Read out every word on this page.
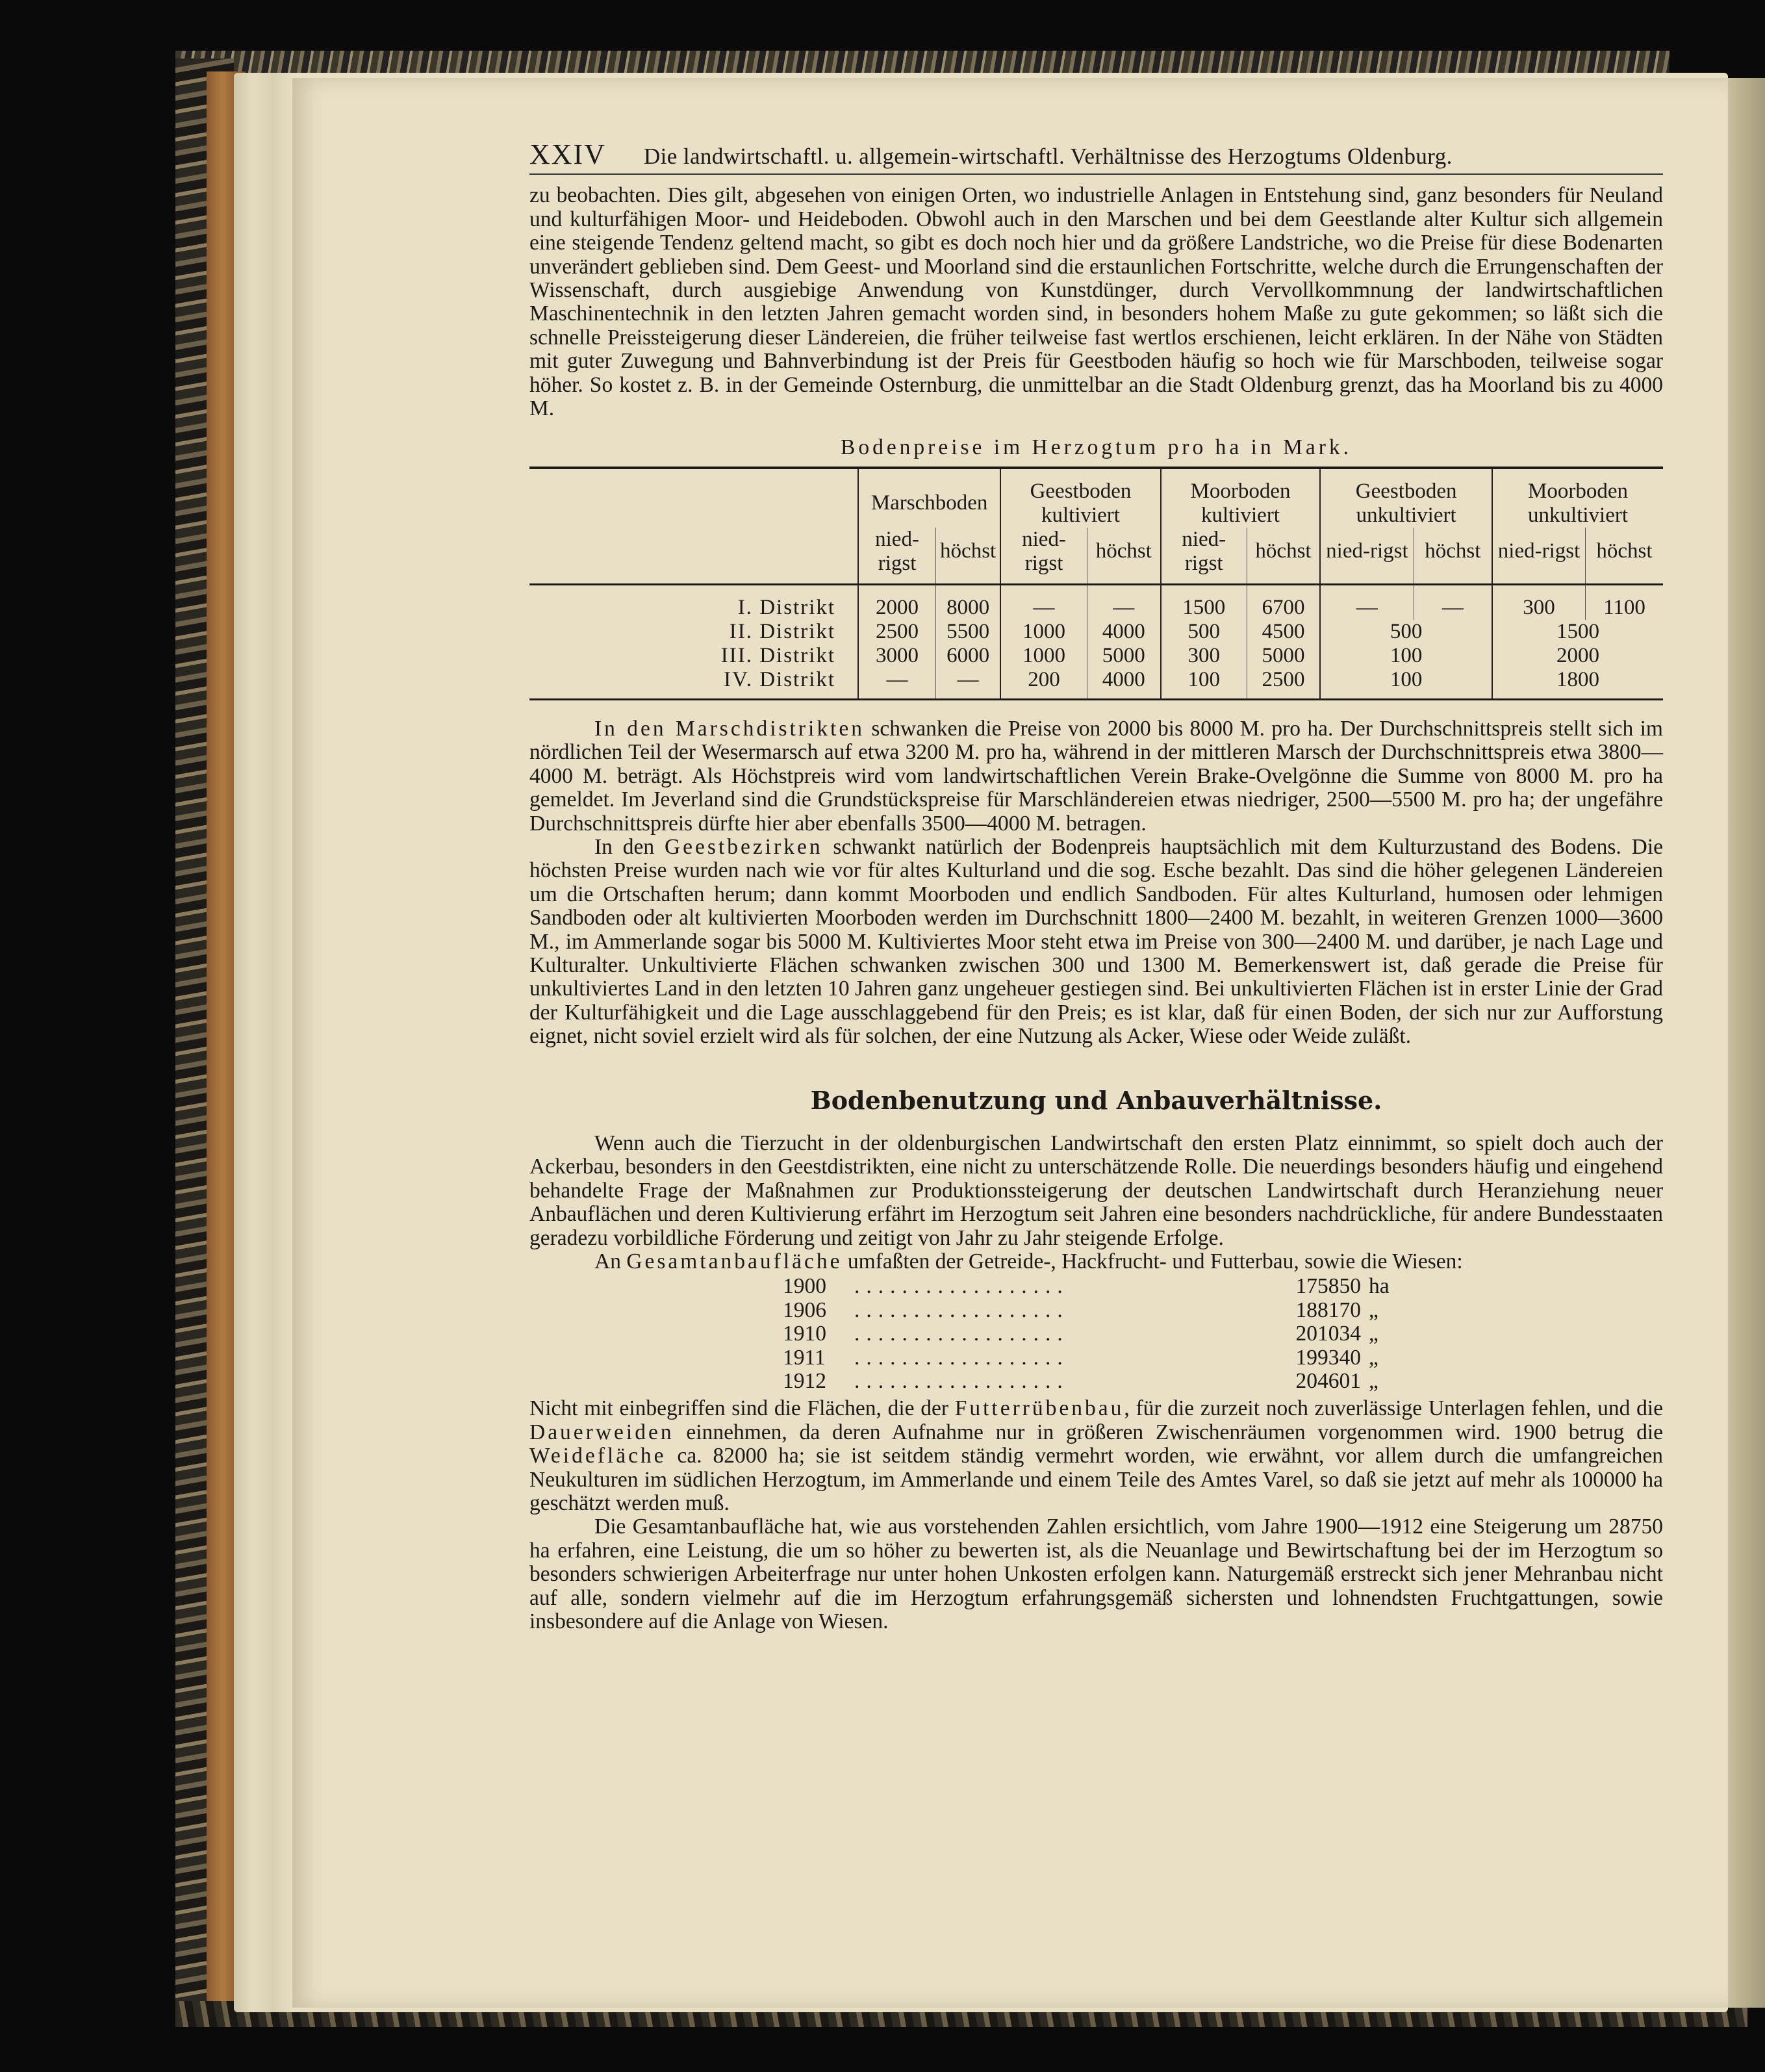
XXIV Die landwirtschaftl. u. allgemein-wirtschaftl. Verhältnisse des Herzogtums Oldenburg.

zu beobachten. Dies gilt, abgesehen von einigen Orten, wo industrielle Anlagen in Entstehung sind, ganz besonders für Neuland und kulturfähigen Moor- und Heideboden. Obwohl auch in den Marschen und bei dem Geestlande alter Kultur sich allgemein eine steigende Tendenz geltend macht, so gibt es doch noch hier und da größere Landstriche, wo die Preise für diese Bodenarten unverändert geblieben sind. Dem Geest- und Moorland sind die erstaunlichen Fortschritte, welche durch die Errungenschaften der Wissenschaft, durch ausgiebige Anwendung von Kunstdünger, durch Vervollkommnung der landwirtschaftlichen Maschinentechnik in den letzten Jahren gemacht worden sind, in besonders hohem Maße zu gute gekommen; so läßt sich die schnelle Preissteigerung dieser Ländereien, die früher teilweise fast wertlos erschienen, leicht erklären. In der Nähe von Städten mit guter Zuwegung und Bahnverbindung ist der Preis für Geestboden häufig so hoch wie für Marschboden, teilweise sogar höher. So kostet z. B. in der Gemeinde Osternburg, die unmittelbar an die Stadt Oldenburg grenzt, das ha Moorland bis zu 4000 M.

Bodenpreise im Herzogtum pro ha in Mark.
	Marschboden		Geestboden kultiviert		Moorboden kultiviert		Geestboden unkultiviert		Moorboden unkultiviert	
	nied-rigst	höchst	nied-rigst	höchst	nied-rigst	höchst	nied-rigst	höchst	nied-rigst	höchst
I. Distrikt	2000	8000	—	—	1500	6700	—	—	300	1100
II. Distrikt	2500	5500	1000	4000	500	4500	500		1500	
III. Distrikt	3000	6000	1000	5000	300	5000	100		2000	
IV. Distrikt	—	—	200	4000	100	2500	100		1800	

In den Marschdistrikten schwanken die Preise von 2000 bis 8000 M. pro ha. Der Durchschnittspreis stellt sich im nördlichen Teil der Wesermarsch auf etwa 3200 M. pro ha, während in der mittleren Marsch der Durchschnittspreis etwa 3800—4000 M. beträgt. Als Höchstpreis wird vom landwirtschaftlichen Verein Brake-Ovelgönne die Summe von 8000 M. pro ha gemeldet. Im Jeverland sind die Grundstückspreise für Marschländereien etwas niedriger, 2500—5500 M. pro ha; der ungefähre Durchschnittspreis dürfte hier aber ebenfalls 3500—4000 M. betragen.

In den Geestbezirken schwankt natürlich der Bodenpreis hauptsächlich mit dem Kulturzustand des Bodens. Die höchsten Preise wurden nach wie vor für altes Kulturland und die sog. Esche bezahlt. Das sind die höher gelegenen Ländereien um die Ortschaften herum; dann kommt Moorboden und endlich Sandboden. Für altes Kulturland, humosen oder lehmigen Sandboden oder alt kultivierten Moorboden werden im Durchschnitt 1800—2400 M. bezahlt, in weiteren Grenzen 1000—3600 M., im Ammerlande sogar bis 5000 M. Kultiviertes Moor steht etwa im Preise von 300—2400 M. und darüber, je nach Lage und Kulturalter. Unkultivierte Flächen schwanken zwischen 300 und 1300 M. Bemerkenswert ist, daß gerade die Preise für unkultiviertes Land in den letzten 10 Jahren ganz ungeheuer gestiegen sind. Bei unkultivierten Flächen ist in erster Linie der Grad der Kulturfähigkeit und die Lage ausschlaggebend für den Preis; es ist klar, daß für einen Boden, der sich nur zur Aufforstung eignet, nicht soviel erzielt wird als für solchen, der eine Nutzung als Acker, Wiese oder Weide zuläßt.

Bodenbenutzung und Anbauverhältnisse.

Wenn auch die Tierzucht in der oldenburgischen Landwirtschaft den ersten Platz einnimmt, so spielt doch auch der Ackerbau, besonders in den Geestdistrikten, eine nicht zu unterschätzende Rolle. Die neuerdings besonders häufig und eingehend behandelte Frage der Maßnahmen zur Produktionssteigerung der deutschen Landwirtschaft durch Heranziehung neuer Anbauflächen und deren Kultivierung erfährt im Herzogtum seit Jahren eine besonders nachdrückliche, für andere Bundesstaaten geradezu vorbildliche Förderung und zeitigt von Jahr zu Jahr steigende Erfolge.

An Gesamtanbaufläche umfaßten der Getreide-, Hackfrucht- und Futterbau, sowie die Wiesen:

1900	..................	175850 ha
1906	..................	188170 „
1910	..................	201034 „
1911	..................	199340 „
1912	..................	204601 „

Nicht mit einbegriffen sind die Flächen, die der Futterrübenbau, für die zurzeit noch zuverlässige Unterlagen fehlen, und die Dauerweiden einnehmen, da deren Aufnahme nur in größeren Zwischenräumen vorgenommen wird. 1900 betrug die Weidefläche ca. 82000 ha; sie ist seitdem ständig vermehrt worden, wie erwähnt, vor allem durch die umfangreichen Neukulturen im südlichen Herzogtum, im Ammerlande und einem Teile des Amtes Varel, so daß sie jetzt auf mehr als 100000 ha geschätzt werden muß.

Die Gesamtanbaufläche hat, wie aus vorstehenden Zahlen ersichtlich, vom Jahre 1900—1912 eine Steigerung um 28750 ha erfahren, eine Leistung, die um so höher zu bewerten ist, als die Neuanlage und Bewirtschaftung bei der im Herzogtum so besonders schwierigen Arbeiterfrage nur unter hohen Unkosten erfolgen kann. Naturgemäß erstreckt sich jener Mehranbau nicht auf alle, sondern vielmehr auf die im Herzogtum erfahrungsgemäß sichersten und lohnendsten Fruchtgattungen, sowie insbesondere auf die Anlage von Wiesen.
